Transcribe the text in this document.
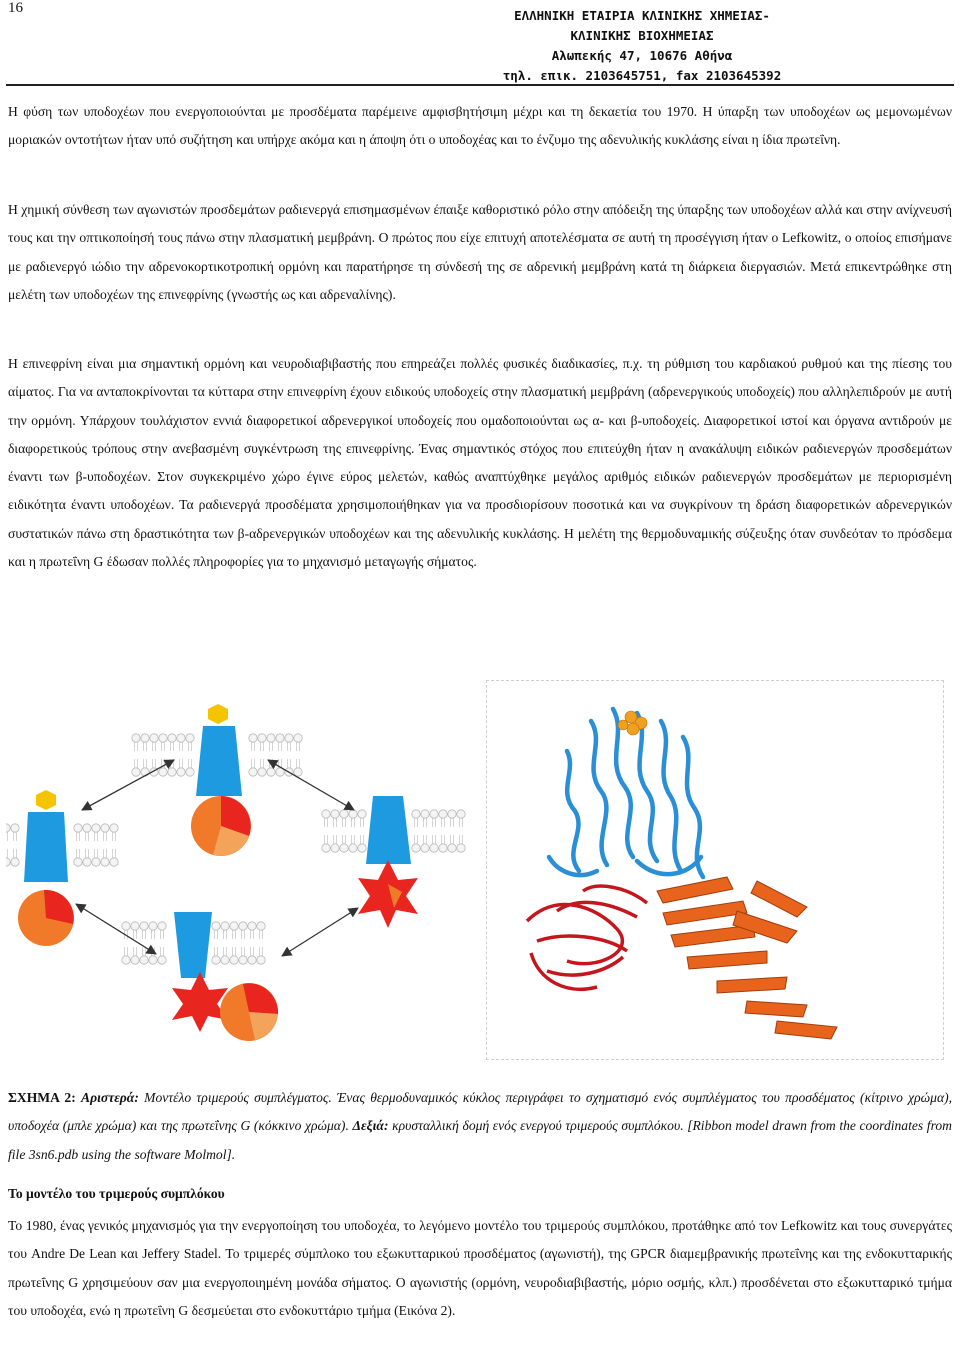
16	ΕΛΛΗΝΙΚΗ ΕΤΑΙΡΙΑ ΚΛΙΝΙΚΗΣ ΧΗΜΕΙΑΣ-
ΚΛΙΝΙΚΗΣ ΒΙΟΧΗΜΕΙΑΣ
Αλωπεκής 47, 10676 Αθήνα
τηλ. επικ. 2103645751, fax 2103645392

Η φύση των υποδοχέων που ενεργοποιούνται με προσδέματα παρέμεινε αμφισβητήσιμη μέχρι και τη δεκαετία του 1970. Η ύπαρξη των υποδοχέων ως μεμονωμένων μοριακών οντοτήτων ήταν υπό συζήτηση και υπήρχε ακόμα και η άποψη ότι ο υποδοχέας και το ένζυμο της αδενυλικής κυκλάσης είναι η ίδια πρωτεΐνη.

Η χημική σύνθεση των αγωνιστών προσδεμάτων ραδιενεργά επισημασμένων έπαιξε καθοριστικό ρόλο στην απόδειξη της ύπαρξης των υποδοχέων αλλά και στην ανίχνευσή τους και την οπτικοποίησή τους πάνω στην πλασματική μεμβράνη. Ο πρώτος που είχε επιτυχή αποτελέσματα σε αυτή τη προσέγγιση ήταν ο Lefkowitz, ο οποίος επισήμανε με ραδιενεργό ιώδιο την αδρενοκορτικοτροπική ορμόνη και παρατήρησε τη σύνδεσή της σε αδρενική μεμβράνη κατά τη διάρκεια διεργασιών. Μετά επικεντρώθηκε στη μελέτη των υποδοχέων της επινεφρίνης (γνωστής ως και αδρεναλίνης).

Η επινεφρίνη είναι μια σημαντική ορμόνη και νευροδιαβιβαστής που επηρεάζει πολλές φυσικές διαδικασίες, π.χ. τη ρύθμιση του καρδιακού ρυθμού και της πίεσης του αίματος. Για να ανταποκρίνονται τα κύτταρα στην επινεφρίνη έχουν ειδικούς υποδοχείς στην πλασματική μεμβράνη (αδρενεργικούς υποδοχείς) που αλληλεπιδρούν με αυτή την ορμόνη. Υπάρχουν τουλάχιστον εννιά διαφορετικοί αδρενεργικοί υποδοχείς που ομαδοποιούνται ως α- και β-υποδοχείς. Διαφορετικοί ιστοί και όργανα αντιδρούν με διαφορετικούς τρόπους στην ανεβασμένη συγκέντρωση της επινεφρίνης. Ένας σημαντικός στόχος που επιτεύχθη ήταν η ανακάλυψη ειδικών ραδιενεργών προσδεμάτων έναντι των β-υποδοχέων. Στον συγκεκριμένο χώρο έγινε εύρος μελετών, καθώς αναπτύχθηκε μεγάλος αριθμός ειδικών ραδιενεργών προσδεμάτων με περιορισμένη ειδικότητα έναντι υποδοχέων. Τα ραδιενεργά προσδέματα χρησιμοποιήθηκαν για να προσδιορίσουν ποσοτικά και να συγκρίνουν τη δράση διαφορετικών αδρενεργικών συστατικών πάνω στη δραστικότητα των β-αδρενεργικών υποδοχέων και της αδενυλικής κυκλάσης. Η μελέτη της θερμοδυναμικής σύζευξης όταν συνδεόταν το πρόσδεμα και η πρωτεΐνη G έδωσαν πολλές πληροφορίες για το μηχανισμό μεταγωγής σήματος.

ΣΧΗΜΑ 2: Αριστερά: Μοντέλο τριμερούς συμπλέγματος. Ένας θερμοδυναμικός κύκλος περιγράφει το σχηματισμό ενός συμπλέγματος του προσδέματος (κίτρινο χρώμα), υποδοχέα (μπλε χρώμα) και της πρωτεΐνης G (κόκκινο χρώμα). Δεξιά: κρυσταλλική δομή ενός ενεργού τριμερούς συμπλόκου. [Ribbon model drawn from the coordinates from file 3sn6.pdb using the software Molmol].

Το μοντέλο του τριμερούς συμπλόκου

Το 1980, ένας γενικός μηχανισμός για την ενεργοποίηση του υποδοχέα, το λεγόμενο μοντέλο του τριμερούς συμπλόκου, προτάθηκε από τον Lefkowitz και τους συνεργάτες του Andre De Lean και Jeffery Stadel. Το τριμερές σύμπλοκο του εξωκυτταρικού προσδέματος (αγωνιστή), της GPCR διαμεμβρανικής πρωτεΐνης και της ενδοκυτταρικής πρωτεΐνης G χρησιμεύουν σαν μια ενεργοποιημένη μονάδα σήματος. Ο αγωνιστής (ορμόνη, νευροδιαβιβαστής, μόριο οσμής, κλπ.) προσδένεται στο εξωκυτταρικό τμήμα του υποδοχέα, ενώ η πρωτεΐνη G δεσμεύεται στο ενδοκυττάριο τμήμα (Εικόνα 2).
